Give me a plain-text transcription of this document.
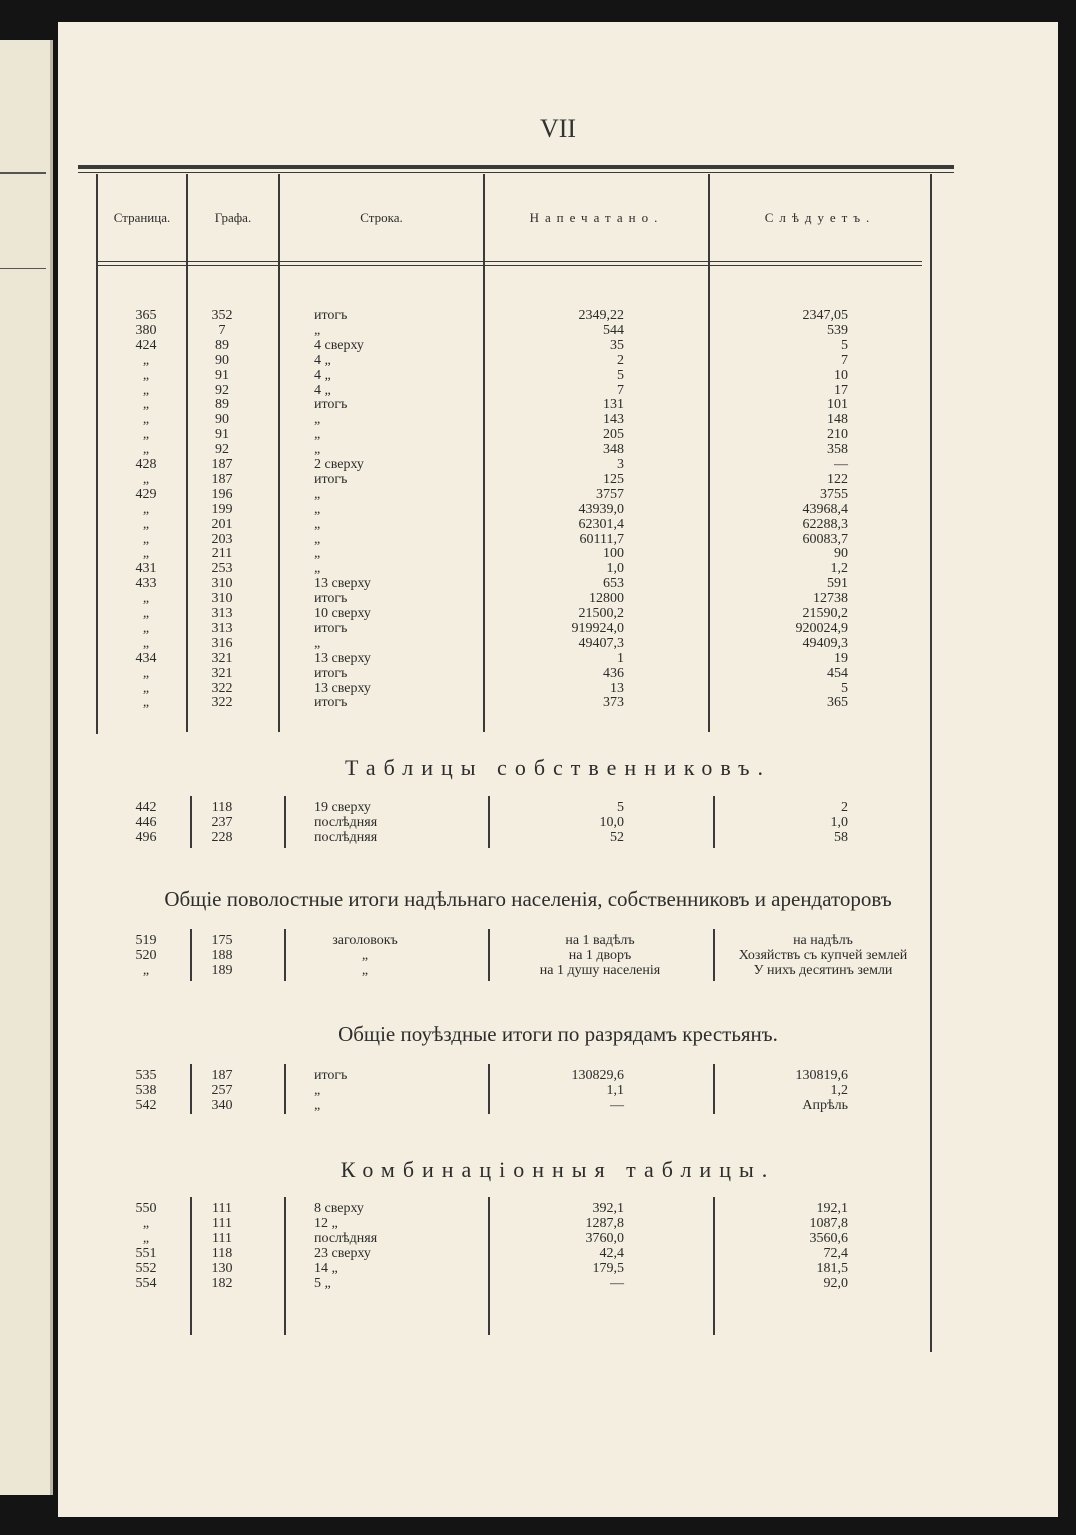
VII
Страница.	Графа.	Строка.	Напечатано.	Слѣдуетъ.
365	352	итогъ	2349,22	2347,05
380	7	„	544	539
424	89	4 сверху	35	5
„	90	4 „	2	7
„	91	4 „	5	10
„	92	4 „	7	17
„	89	итогъ	131	101
„	90	„	143	148
„	91	„	205	210
„	92	„	348	358
428	187	2 сверху	3	—
„	187	итогъ	125	122
429	196	„	3757	3755
„	199	„	43939,0	43968,4
„	201	„	62301,4	62288,3
„	203	„	60111,7	60083,7
„	211	„	100	90
431	253	„	1,0	1,2
433	310	13 сверху	653	591
„	310	итогъ	12800	12738
„	313	10 сверху	21500,2	21590,2
„	313	итогъ	919924,0	920024,9
„	316	„	49407,3	49409,3
434	321	13 сверху	1	19
„	321	итогъ	436	454
„	322	13 сверху	13	5
„	322	итогъ	373	365
Таблицы собственниковъ.
442	118	19 сверху	5	2
446	237	послѣдняя	10,0	1,0
496	228	послѣдняя	52	58
Общіе поволостные итоги надѣльнаго населенія, собственниковъ и арендаторовъ
519	175	заголовокъ	на 1 вадѣлъ	на надѣлъ
520	188	„	на 1 дворъ	Хозяйствъ съ купчей землей
„	189	„	на 1 душу населенія	У нихъ десятинъ земли
Общіе поуѣздные итоги по разрядамъ крестьянъ.
535	187	итогъ	130829,6	130819,6
538	257	„	1,1	1,2
542	340	„	—	Апрѣль
Комбинаціонныя таблицы.
550	111	8 сверху	392,1	192,1
„	111	12 „	1287,8	1087,8
„	111	послѣдняя	3760,0	3560,6
551	118	23 сверху	42,4	72,4
552	130	14 „	179,5	181,5
554	182	5 „	—	92,0
